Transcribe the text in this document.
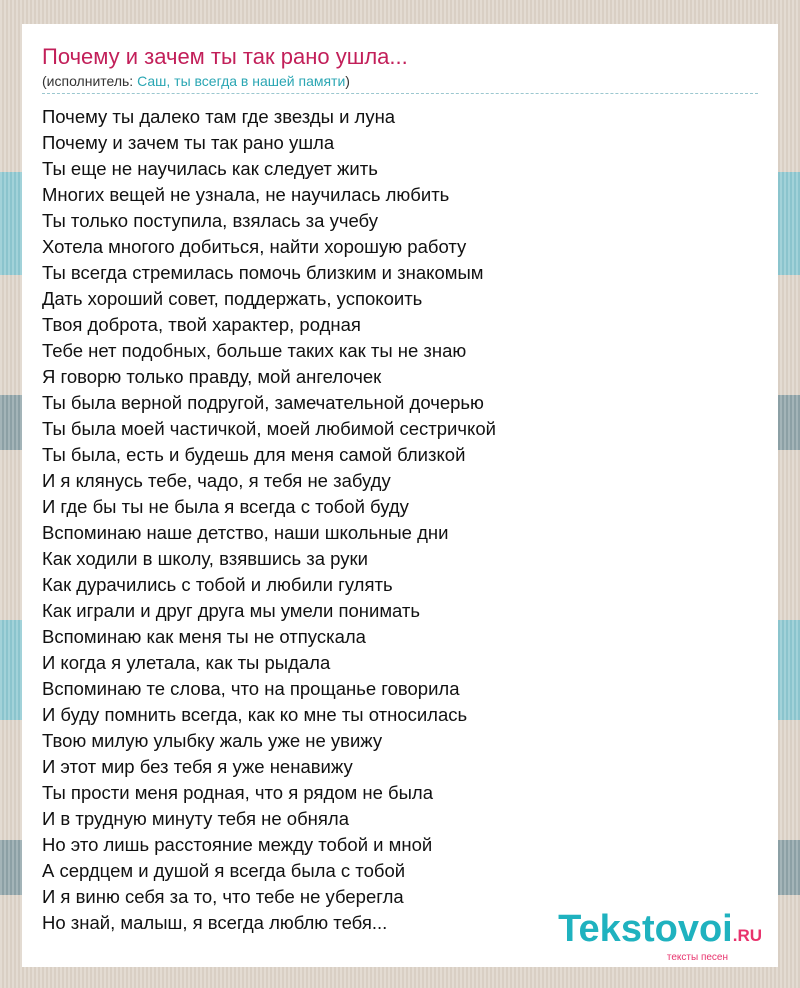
Почему и зачем ты так рано ушла...
(исполнитель: Саш, ты всегда в нашей памяти)
Почему ты далеко там где звезды и луна
Почему и зачем ты так рано ушла
Ты еще не научилась как следует жить
Многих вещей не узнала, не научилась любить
Ты только поступила, взялась за учебу
Хотела многого добиться, найти хорошую работу
Ты всегда стремилась помочь близким и знакомым
Дать хороший совет, поддержать, успокоить
Твоя доброта, твой характер, родная
Тебе нет подобных, больше таких как ты не знаю
Я говорю только правду, мой ангелочек
Ты была верной подругой, замечательной дочерью
Ты была моей частичкой, моей любимой сестричкой
Ты была, есть и будешь для меня самой близкой
И я клянусь тебе, чадо, я тебя не забуду
И где бы ты не была я всегда с тобой буду
Вспоминаю наше детство, наши школьные дни
Как ходили в школу, взявшись за руки
Как дурачились с тобой и любили гулять
Как играли и друг друга мы умели понимать
Вспоминаю как меня ты не отпускала
И когда я улетала, как ты рыдала
Вспоминаю те слова, что на прощанье говорила
И буду помнить всегда, как ко мне ты относилась
Твою милую улыбку жаль уже не увижу
И этот мир без тебя я уже ненавижу
Ты прости меня родная, что я рядом не была
И в трудную минуту тебя не обняла
Но это лишь расстояние между тобой и мной
А сердцем и душой я всегда была с тобой
И я виню себя за то, что тебе не уберегла
Но знай, малыш, я всегда люблю тебя...	Tekstovoi.RU
тексты песен
